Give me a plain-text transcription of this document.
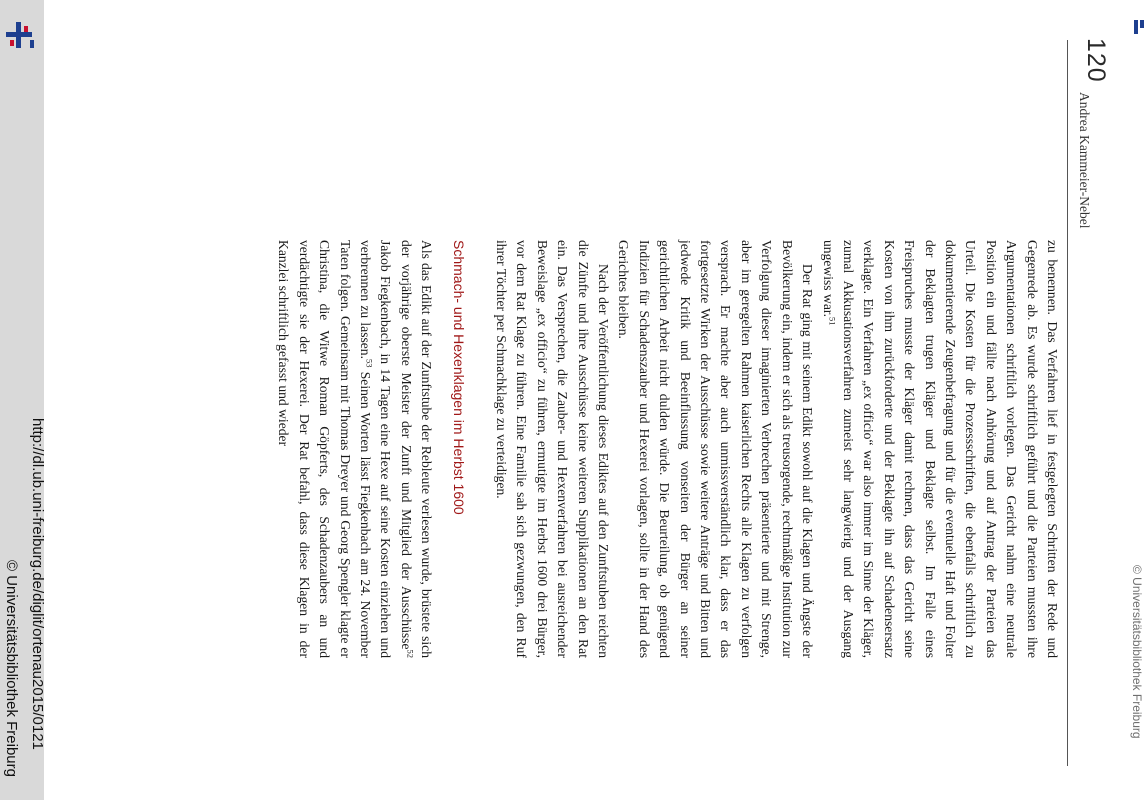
© Universitätsbibliothek Freiburg
120
Andrea Kammeier-Nebel

zu benennen. Das Verfahren lief in festgelegten Schritten der Rede und Gegenrede ab. Es wurde schriftlich geführt und die Parteien mussten ihre Argumentationen schriftlich vorlegen. Das Gericht nahm eine neutrale Position ein und fällte nach Anhörung und auf Antrag der Parteien das Urteil. Die Kosten für die Prozessschriften, die ebenfalls schriftlich zu dokumentierende Zeugenbefragung und für die eventuelle Haft und Folter der Beklagten trugen Kläger und Beklagte selbst. Im Falle eines Freispruches musste der Kläger damit rechnen, dass das Gericht seine Kosten von ihm zurückforderte und der Beklagte ihn auf Schadensersatz verklagte. Ein Verfahren „ex officio“ war also immer im Sinne der Kläger, zumal Akkusationsverfahren zumeist sehr langwierig und der Ausgang ungewiss war.$^{51}$

Der Rat ging mit seinem Edikt sowohl auf die Klagen und Ängste der Bevölkerung ein, indem er sich als treusorgende, rechtmäßige Institution zur Verfolgung dieser imaginierten Verbrechen präsentierte und mit Strenge, aber im geregelten Rahmen kaiserlichen Rechts alle Klagen zu verfolgen versprach. Er machte aber auch unmissverständlich klar, dass er das fortgesetzte Wirken der Ausschüsse sowie weitere Anträge und Bitten und jedwede Kritik und Beeinflussung vonseiten der Bürger an seiner gerichtlichen Arbeit nicht dulden würde. Die Beurteilung, ob genügend Indizien für Schadenszauber und Hexerei vorlagen, sollte in der Hand des Gerichtes bleiben.

Nach der Veröffentlichung dieses Ediktes auf den Zunftstuben reichten die Zünfte und ihre Ausschüsse keine weiteren Supplikationen an den Rat ein. Das Versprechen, die Zauber- und Hexenverfahren bei ausreichender Beweislage „ex officio“ zu führen, ermutigte im Herbst 1600 drei Bürger, vor dem Rat Klage zu führen. Eine Familie sah sich gezwungen, den Ruf ihrer Töchter per Schmachklage zu verteidigen.

Schmach- und Hexenklagen im Herbst 1600

Als das Edikt auf der Zunftstube der Rebleute verlesen wurde, brüstete sich der vorjährige oberste Meister der Zunft und Mitglied der Ausschüsse$^{52}$ Jakob Fiegkenbach, in 14 Tagen eine Hexe auf seine Kosten einziehen und verbrennen zu lassen.$^{53}$ Seinen Worten lässt Fiegkenbach am 24. November Taten folgen. Gemeinsam mit Thomas Dreyer und Georg Spengler klagte er Christina, die Witwe Roman Göpferts, des Schadenzaubers an und verdächtigte sie der Hexerei. Der Rat befahl, dass diese Klagen in der Kanzlei schriftlich gefasst und wieder

http://dl.ub.uni-freiburg.de/diglit/ortenau2015/0121
© Universitätsbibliothek Freiburg
